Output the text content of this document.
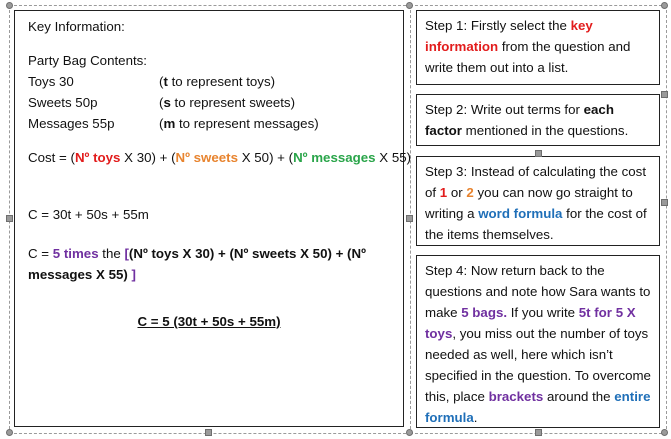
Key Information:
Party Bag Contents:
Toys 30	(t to represent toys)
Sweets 50p	(s to represent sweets)
Messages 55p	(m to represent messages)
Cost = (Nº toys X 30) + (Nº sweets X 50) + (Nº messages X 55)
C = 30t + 50s + 55m
C = 5 times the [(Nº toys X 30) + (Nº sweets X 50) + (Nº
messages X 55) ]
C = 5 (30t + 50s + 55m)
Step 1: Firstly select the key information from the question and write them out into a list.
Step 2: Write out terms for each factor mentioned in the questions.
Step 3: Instead of calculating the cost of 1 or 2 you can now go straight to writing a word formula for the cost of the items themselves.
Step 4: Now return back to the questions and note how Sara wants to make 5 bags. If you write 5t for 5 X toys, you miss out the number of toys needed as well, here which isn’t specified in the question. To overcome this, place brackets around the entire formula.
